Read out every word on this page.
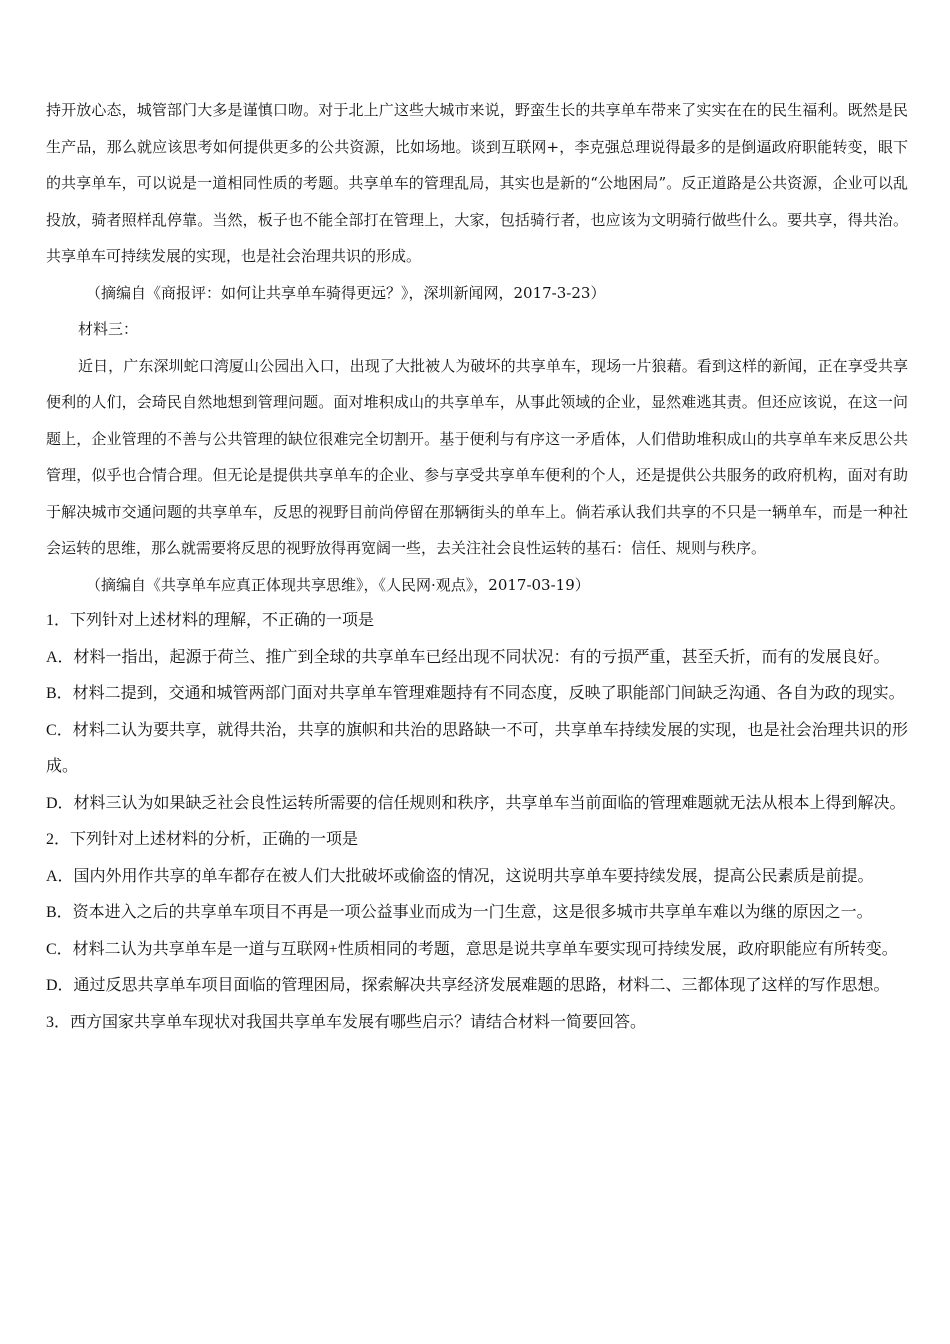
持开放心态，城管部门大多是谨慎口吻。对于北上广这些大城市来说，野蛮生长的共享单车带来了实实在在的民生福利。既然是民生产品，那么就应该思考如何提供更多的公共资源，比如场地。谈到互联网+，李克强总理说得最多的是倒逼政府职能转变，眼下的共享单车，可以说是一道相同性质的考题。共享单车的管理乱局，其实也是新的“公地困局”。反正道路是公共资源，企业可以乱投放，骑者照样乱停靠。当然，板子也不能全部打在管理上，大家，包括骑行者，也应该为文明骑行做些什么。要共享，得共治。共享单车可持续发展的实现，也是社会治理共识的形成。

（摘编自《商报评：如何让共享单车骑得更远？》，深圳新闻网，2017-3-23）

材料三：

近日，广东深圳蛇口湾厦山公园出入口，出现了大批被人为破坏的共享单车，现场一片狼藉。看到这样的新闻，正在享受共享便利的人们，会琦民自然地想到管理问题。面对堆积成山的共享单车，从事此领域的企业，显然难逃其责。但还应该说，在这一问题上，企业管理的不善与公共管理的缺位很难完全切割开。基于便利与有序这一矛盾体，人们借助堆积成山的共享单车来反思公共管理，似乎也合情合理。但无论是提供共享单车的企业、参与享受共享单车便利的个人，还是提供公共服务的政府机构，面对有助于解决城市交通问题的共享单车，反思的视野目前尚停留在那辆街头的单车上。倘若承认我们共享的不只是一辆单车，而是一种社会运转的思维，那么就需要将反思的视野放得再宽阔一些，去关注社会良性运转的基石：信任、规则与秩序。

（摘编自《共享单车应真正体现共享思维》，《人民网·观点》，2017-03-19）

1．下列针对上述材料的理解，不正确的一项是

A．材料一指出，起源于荷兰、推广到全球的共享单车已经出现不同状况：有的亏损严重，甚至夭折，而有的发展良好。

B．材料二提到，交通和城管两部门面对共享单车管理难题持有不同态度，反映了职能部门间缺乏沟通、各自为政的现实。

C．材料二认为要共享，就得共治，共享的旗帜和共治的思路缺一不可，共享单车持续发展的实现，也是社会治理共识的形成。

D．材料三认为如果缺乏社会良性运转所需要的信任规则和秩序，共享单车当前面临的管理难题就无法从根本上得到解决。

2．下列针对上述材料的分析，正确的一项是

A．国内外用作共享的单车都存在被人们大批破坏或偷盗的情况，这说明共享单车要持续发展，提高公民素质是前提。

B．资本进入之后的共享单车项目不再是一项公益事业而成为一门生意，这是很多城市共享单车难以为继的原因之一。

C．材料二认为共享单车是一道与互联网+性质相同的考题，意思是说共享单车要实现可持续发展，政府职能应有所转变。

D．通过反思共享单车项目面临的管理困局，探索解决共享经济发展难题的思路，材料二、三都体现了这样的写作思想。

3．西方国家共享单车现状对我国共享单车发展有哪些启示？请结合材料一简要回答。
